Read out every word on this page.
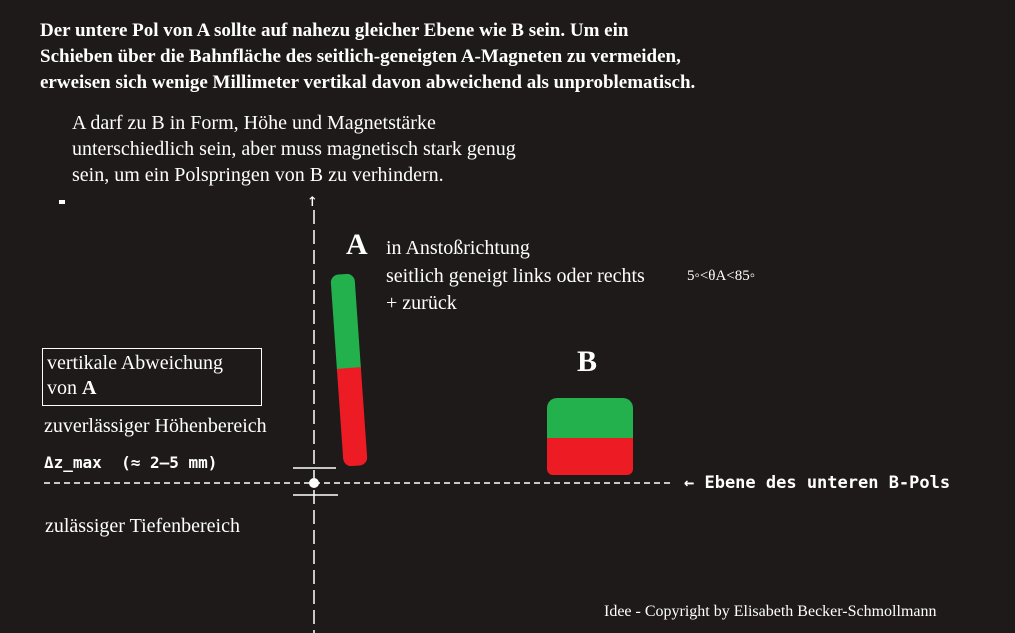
Der untere Pol von A sollte auf nahezu gleicher Ebene wie B sein. Um ein
Schieben über die Bahnfläche des seitlich-geneigten A-Magneten zu vermeiden,
erweisen sich wenige Millimeter vertikal davon abweichend als unproblematisch.
A darf zu B in Form, Höhe und Magnetstärke
unterschiedlich sein, aber muss magnetisch stark genug
sein, um ein Polspringen von B zu verhindern.
↑
A in Anstoßrichtung
seitlich geneigt links oder rechts	5◦<θA<85◦
+ zurück
B
vertikale Abweichung
von A
zuverlässiger Höhenbereich
Δz_max  (≈ 2–5 mm)
← Ebene des unteren B-Pols
zulässiger Tiefenbereich
Idee - Copyright by Elisabeth Becker-Schmollmann
